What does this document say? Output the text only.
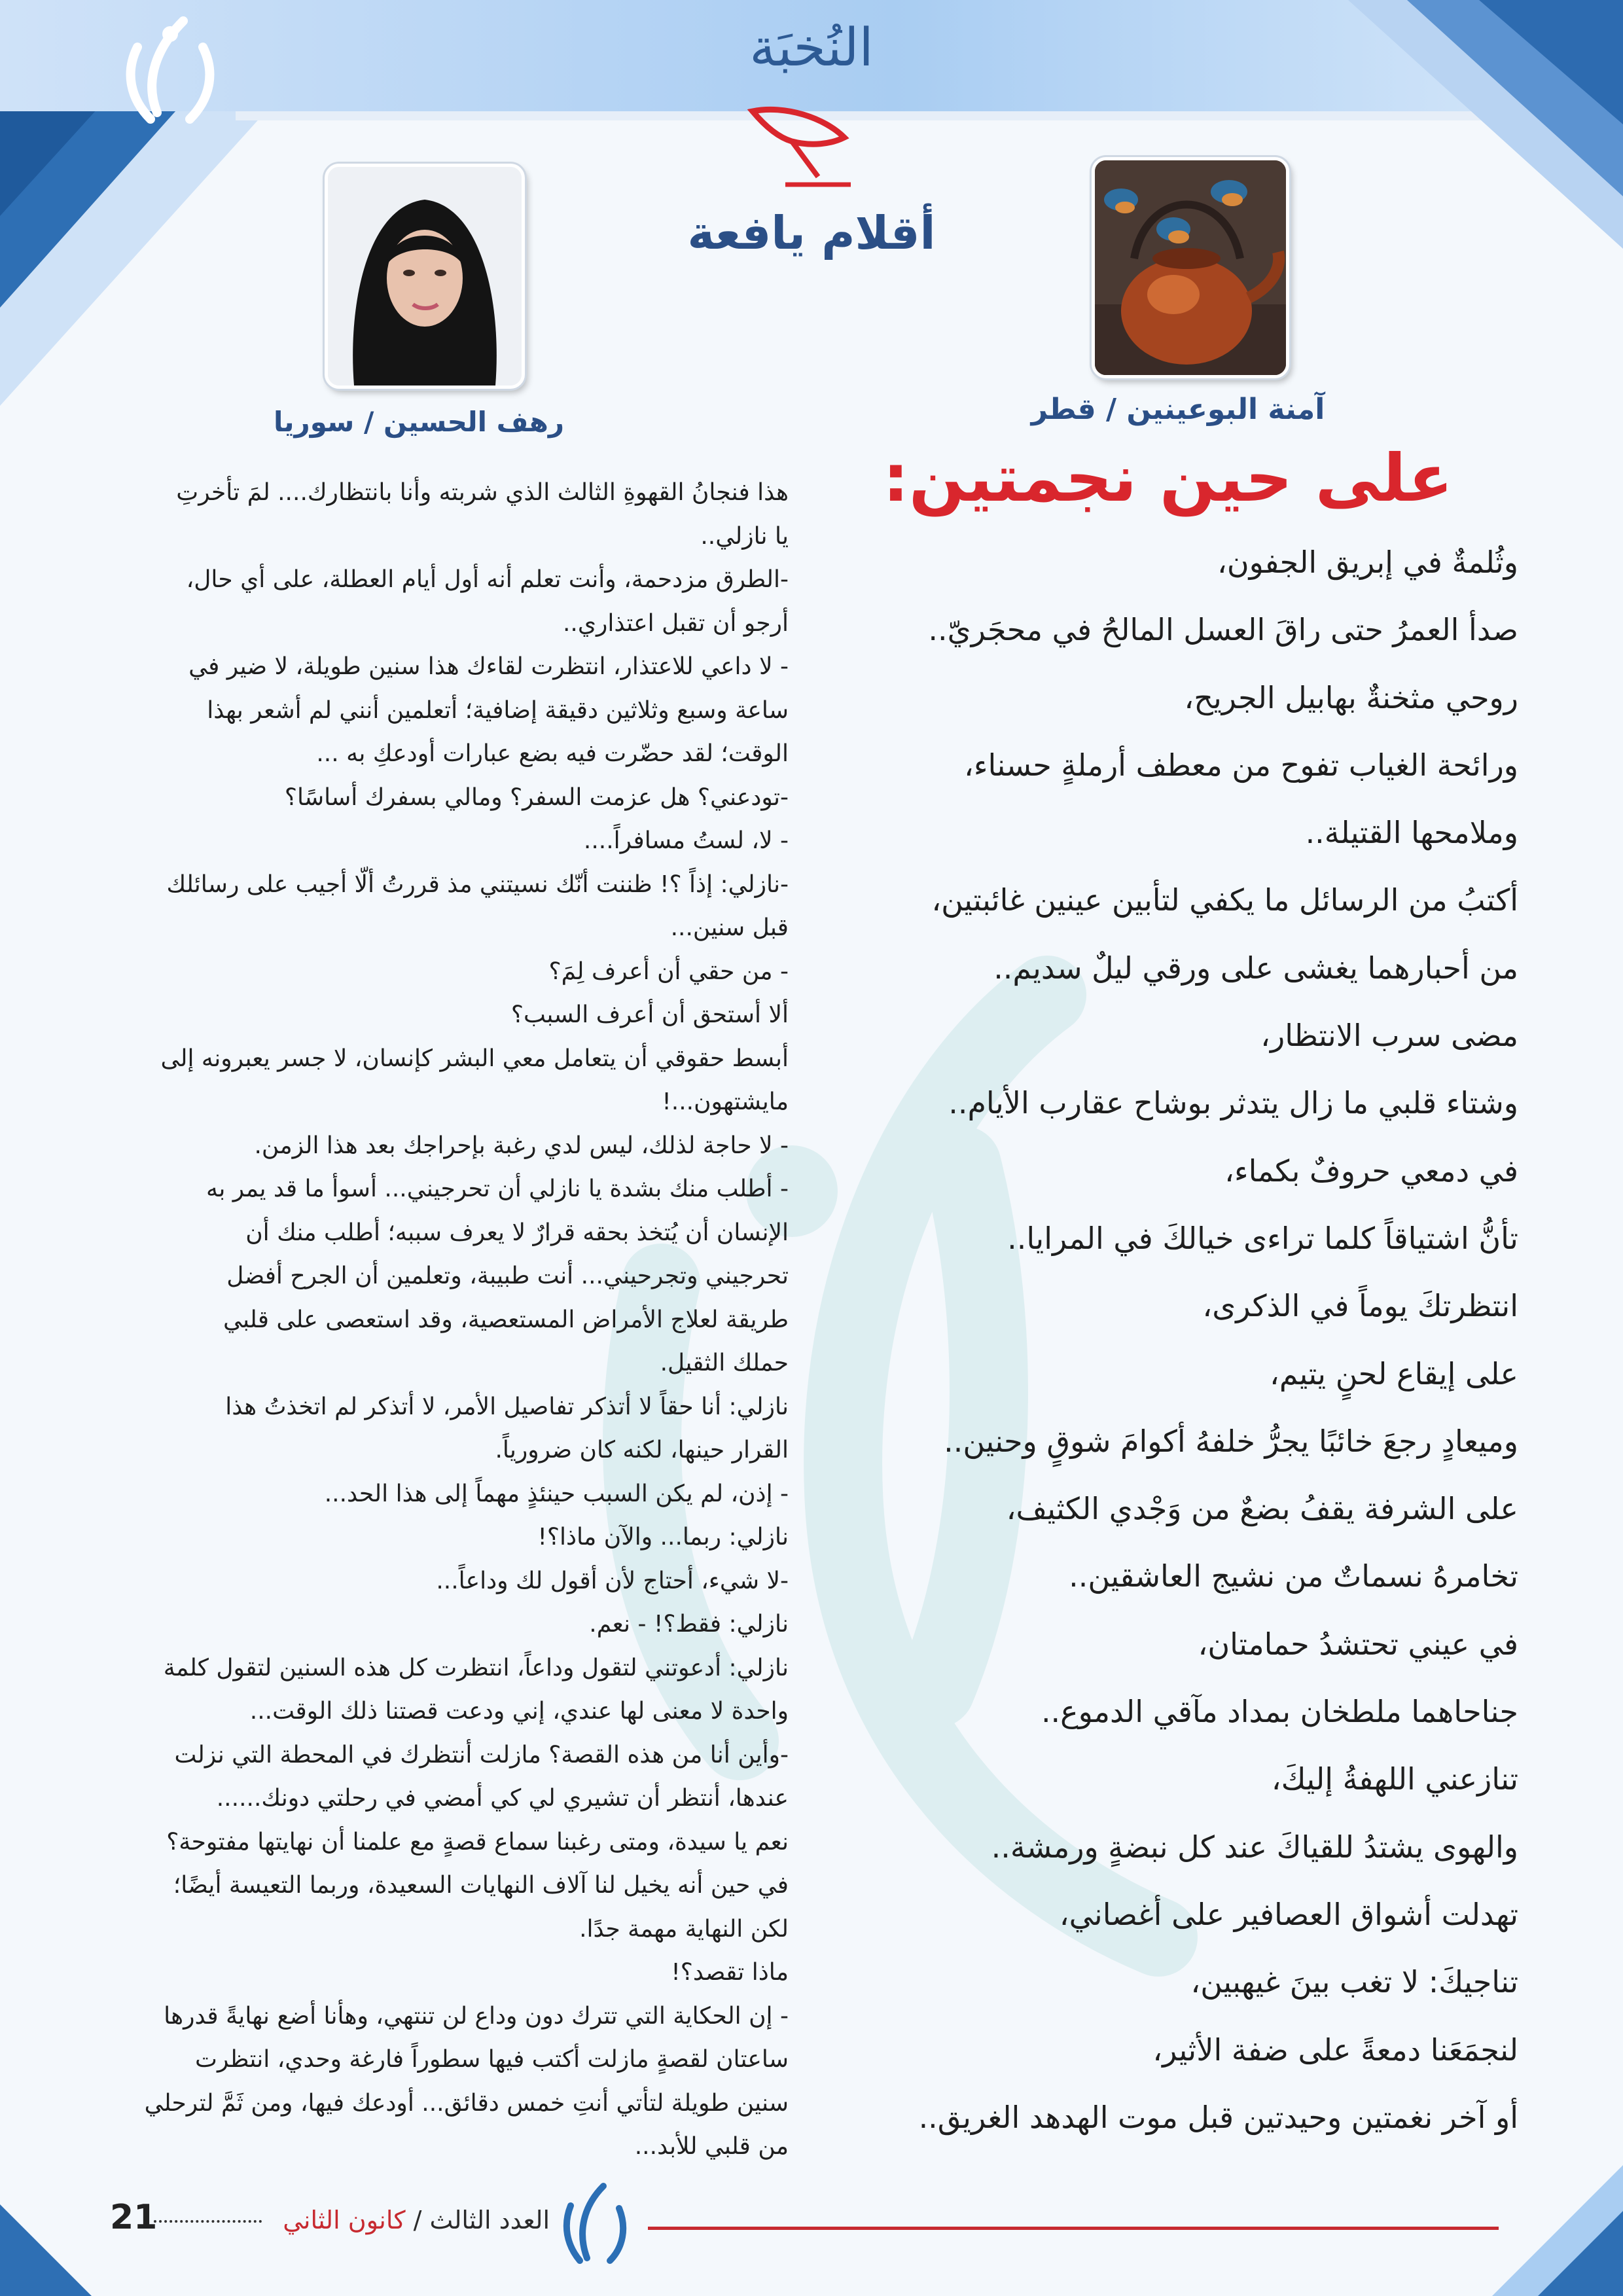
النُخبَة
أقلام يافعة
آمنة البوعينين / قطر
رهف الحسين / سوريا
على حين نجمتين:
وثُلمةٌ في إبريق الجفون،
صدأ العمرُ حتى راقَ العسل المالحُ في محجَريّ..
روحي مثخنةٌ بهابيل الجريح،
ورائحة الغياب تفوح من معطف أرملةٍ حسناء،
وملامحها القتيلة..
أكتبُ من الرسائل ما يكفي لتأبين عينين غائبتين،
من أحبارهما يغشى على ورقي ليلٌ سديم..
مضى سرب الانتظار،
وشتاء قلبي ما زال يتدثر بوشاح عقارب الأيام..
في دمعي حروفٌ بكماء،
تأنُّ اشتياقاً كلما تراءى خيالكَ في المرايا..
انتظرتكَ يوماً في الذكرى،
على إيقاع لحنٍ يتيم،
وميعادٍ رجعَ خائبًا يجرُّ خلفهُ أكوامَ شوقٍ وحنين..
على الشرفة يقفُ بضعٌ من وَجْدي الكثيف،
تخامرهُ نسماتٌ من نشيج العاشقين..
في عيني تحتشدُ حمامتان،
جناحاهما ملطخان بمداد مآقي الدموع..
تنازعني اللهفةُ إليكَ،
والهوى يشتدُ للقياكَ عند كل نبضةٍ ورمشة..
تهدلت أشواق العصافير على أغصاني،
تناجيكَ: لا تغب بينَ غيهبين،
لنجمَعَنا دمعةً على ضفة الأثير،
أو آخر نغمتين وحيدتين قبل موت الهدهد الغريق..
هذا فنجانُ القهوةِ الثالث الذي شربته وأنا بانتظارك.... لمَ تأخرتِ
يا نازلي..
-الطرق مزدحمة، وأنت تعلم أنه أول أيام العطلة، على أي حال،
أرجو أن تقبل اعتذاري..
- لا داعي للاعتذار، انتظرت لقاءك هذا سنين طويلة، لا ضير في
ساعة وسبع وثلاثين دقيقة إضافية؛ أتعلمين أنني لم أشعر بهذا
الوقت؛ لقد حضّرت فيه بضع عبارات أودعكِ به ...
-تودعني؟ هل عزمت السفر؟ ومالي بسفرك أساسًا؟
- لا، لستُ مسافراً....
-نازلي: إذاً ؟! ظننت أنّك نسيتني مذ قررتُ ألّا أجيب على رسائلك
قبل سنين...
- من حقي أن أعرف لِمَ؟
ألا أستحق أن أعرف السبب؟
أبسط حقوقي أن يتعامل معي البشر كإنسان، لا جسر يعبرونه إلى
مايشتهون...!
- لا حاجة لذلك، ليس لدي رغبة بإحراجك بعد هذا الزمن.
- أطلب منك بشدة يا نازلي أن تحرجيني... أسوأ ما قد يمر به
الإنسان أن يُتخذ بحقه قرارٌ لا يعرف سببه؛ أطلب منك أن
تحرجيني وتجرحيني... أنت طبيبة، وتعلمين أن الجرح أفضل
طريقة لعلاج الأمراض المستعصية، وقد استعصى على قلبي
حملك الثقيل.
نازلي: أنا حقاً لا أتذكر تفاصيل الأمر، لا أتذكر لم اتخذتُ هذا
القرار حينها، لكنه كان ضرورياً.
- إذن، لم يكن السبب حينئذٍ مهماً إلى هذا الحد...
نازلي: ربما... والآن ماذا؟!
-لا شيء، أحتاج لأن أقول لك وداعاً...
نازلي: فقط؟! - نعم.
نازلي: أدعوتني لتقول وداعاً، انتظرت كل هذه السنين لتقول كلمة
واحدة لا معنى لها عندي، إني ودعت قصتنا ذلك الوقت...
-وأين أنا من هذه القصة؟ مازلت أنتظرك في المحطة التي نزلت
عندها، أنتظر أن تشيري لي كي أمضي في رحلتي دونك......
نعم يا سيدة، ومتى رغبنا سماع قصةٍ مع علمنا أن نهايتها مفتوحة؟
في حين أنه يخيل لنا آلاف النهايات السعيدة، وربما التعيسة أيضًا؛
لكن النهاية مهمة جدًا.
ماذا تقصد؟!
- إن الحكاية التي تترك دون وداع لن تنتهي، وهأنا أضع نهايةً قدرها
ساعتان لقصةٍ مازلت أكتب فيها سطوراً فارغة وحدي، انتظرت
سنين طويلة لتأتي أنتِ خمس دقائق... أودعك فيها، ومن ثَمَّ لترحلي
من قلبي للأبد...
العدد الثالث / كانون الثاني
21
